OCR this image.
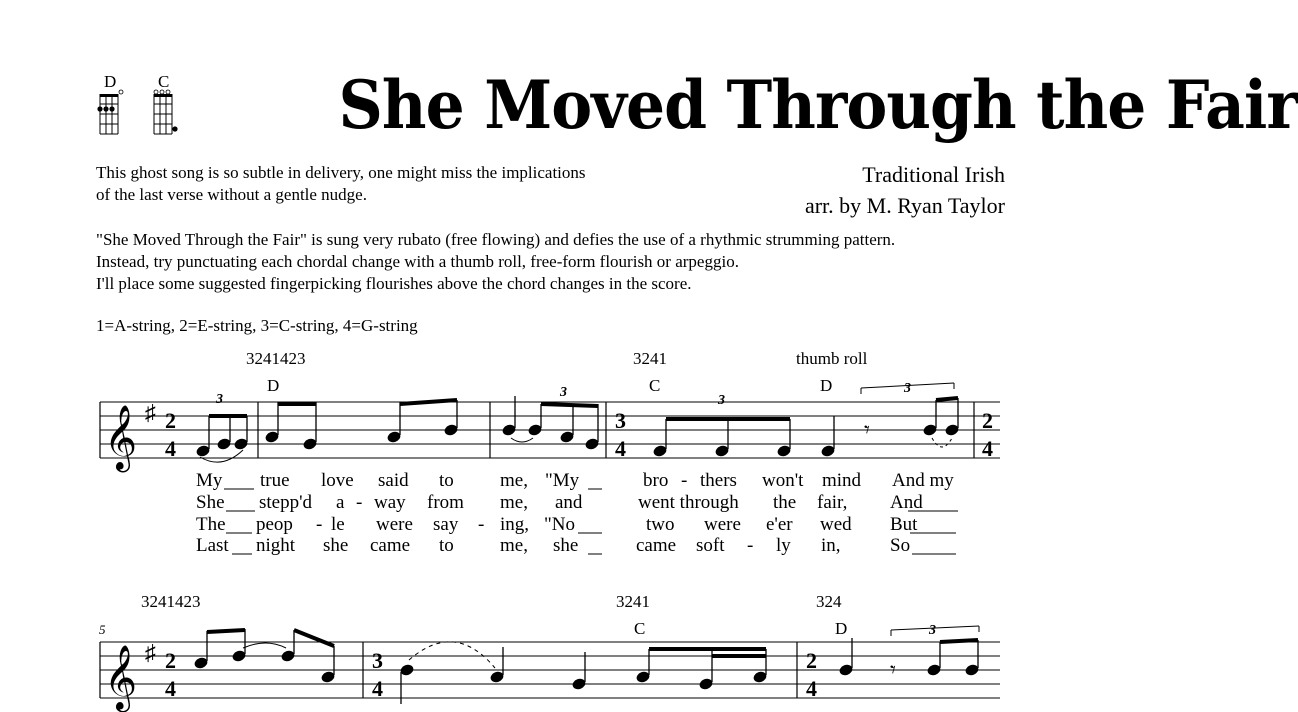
D C	She Moved Through the Fair
This ghost song is so subtle in delivery, one might miss the implications
of the last verse without a gentle nudge.
Traditional Irish
arr. by M. Ryan Taylor
"She Moved Through the Fair" is sung very rubato (free flowing) and defies the use of a rhythmic strumming pattern.
Instead, try punctuating each chordal change with a thumb roll, free-form flourish or arpeggio.
I'll place some suggested fingerpicking flourishes above the chord changes in the score.
1=A-string, 2=E-string, 3=C-string, 4=G-string
3241423	3241	thumb roll
D	C	D
𝄞 ♯ 2
4
3
4
2
4
3	3
3
3
𝄾
My true love said to me, "My	bro - thers won't mind And my
She stepp'd a - way from me, and	went through the fair, And
The peop - le were say - ing, "No	two were e'er wed But
Last night she came to me, she	came soft - ly in,	So
3241423	3241	324
C	D
5
𝄞 ♯ 2
4
3
4
2
4
𝄾
3
